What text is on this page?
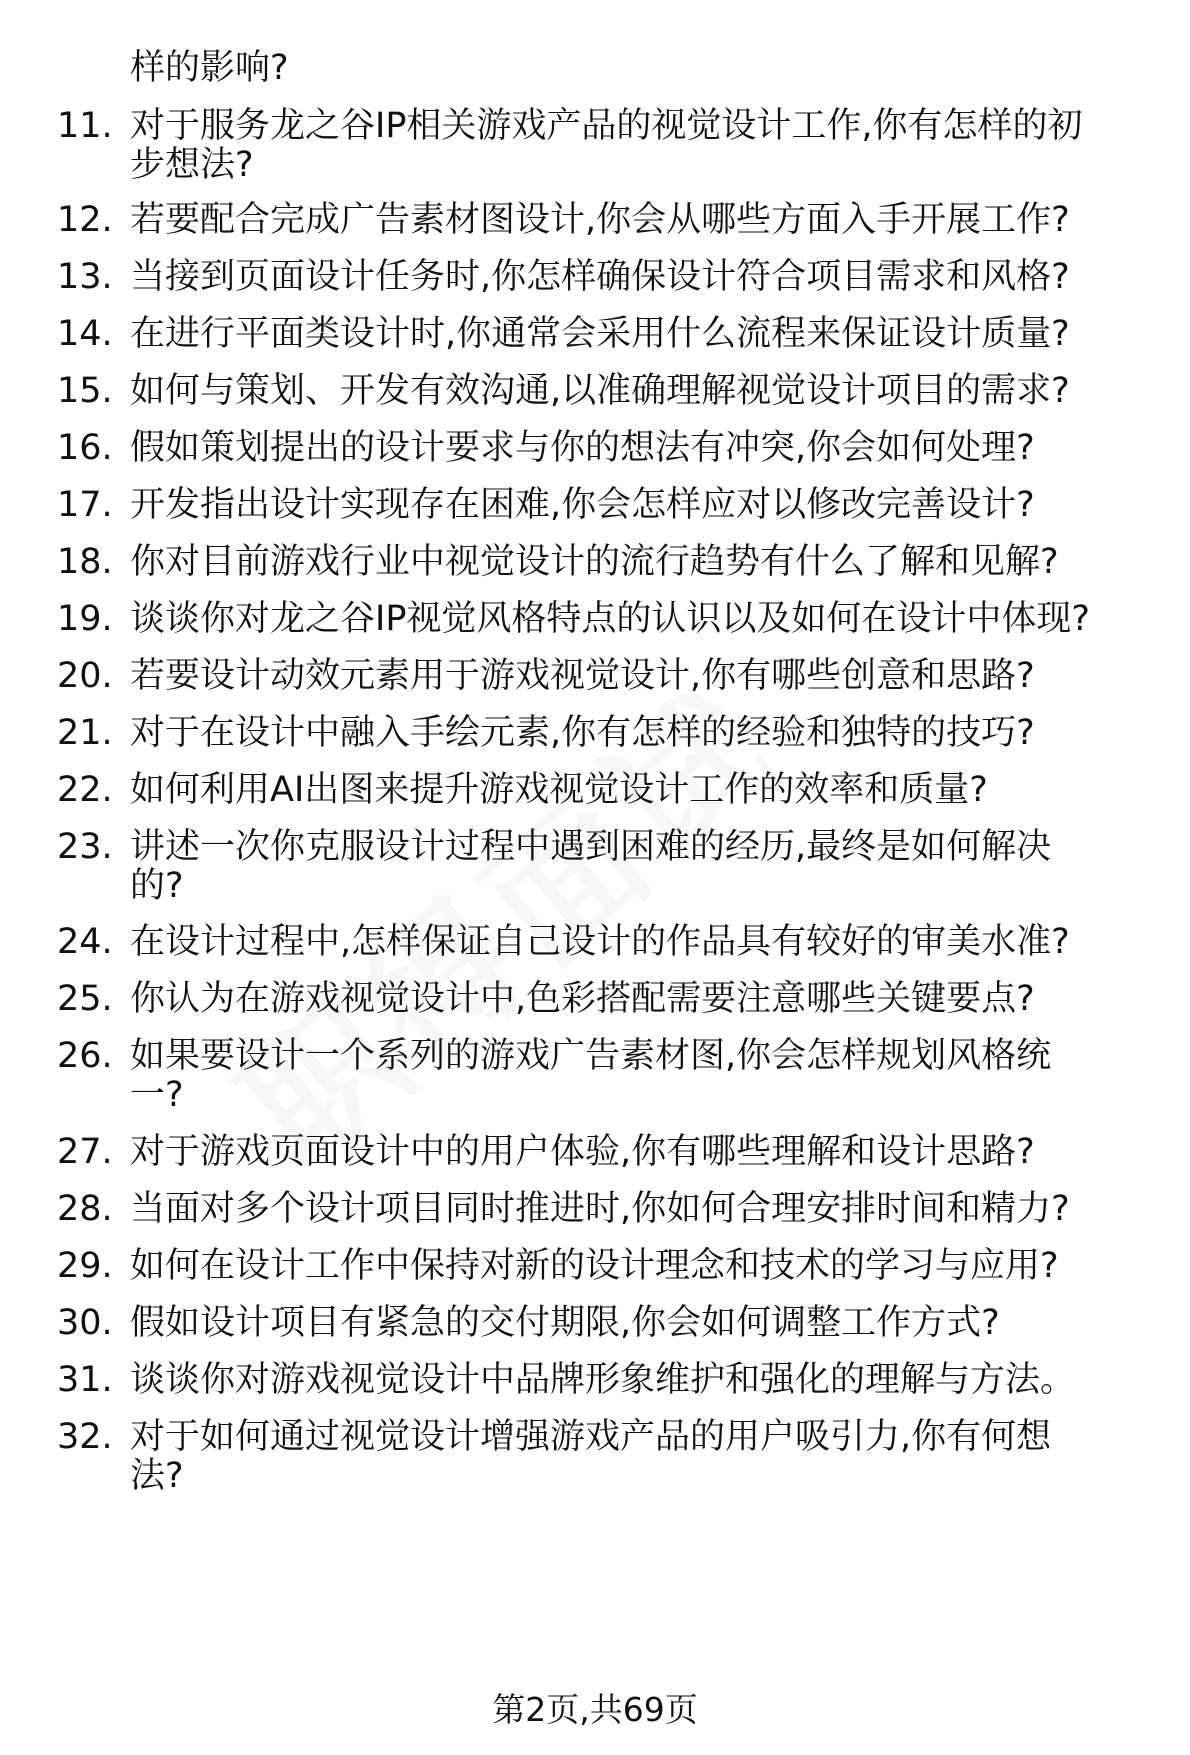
样的影响?
11. 对于服务龙之谷IP相关游戏产品的视觉设计工作,你有怎样的初
步想法?
12. 若要配合完成广告素材图设计,你会从哪些方面入手开展工作?
13. 当接到页面设计任务时,你怎样确保设计符合项目需求和风格?
14. 在进行平面类设计时,你通常会采用什么流程来保证设计质量?
15. 如何与策划、开发有效沟通,以准确理解视觉设计项目的需求?
16. 假如策划提出的设计要求与你的想法有冲突,你会如何处理?
17. 开发指出设计实现存在困难,你会怎样应对以修改完善设计?
18. 你对目前游戏行业中视觉设计的流行趋势有什么了解和见解?
19. 谈谈你对龙之谷IP视觉风格特点的认识以及如何在设计中体现?
20. 若要设计动效元素用于游戏视觉设计,你有哪些创意和思路?
21. 对于在设计中融入手绘元素,你有怎样的经验和独特的技巧?
22. 如何利用AI出图来提升游戏视觉设计工作的效率和质量?
23. 讲述一次你克服设计过程中遇到困难的经历,最终是如何解决
的?
24. 在设计过程中,怎样保证自己设计的作品具有较好的审美水准?
25. 你认为在游戏视觉设计中,色彩搭配需要注意哪些关键要点?
26. 如果要设计一个系列的游戏广告素材图,你会怎样规划风格统
一?
27. 对于游戏页面设计中的用户体验,你有哪些理解和设计思路?
28. 当面对多个设计项目同时推进时,你如何合理安排时间和精力?
29. 如何在设计工作中保持对新的设计理念和技术的学习与应用?
30. 假如设计项目有紧急的交付期限,你会如何调整工作方式?
31. 谈谈你对游戏视觉设计中品牌形象维护和强化的理解与方法。
32. 对于如何通过视觉设计增强游戏产品的用户吸引力,你有何想
法?
第2页,共69页
